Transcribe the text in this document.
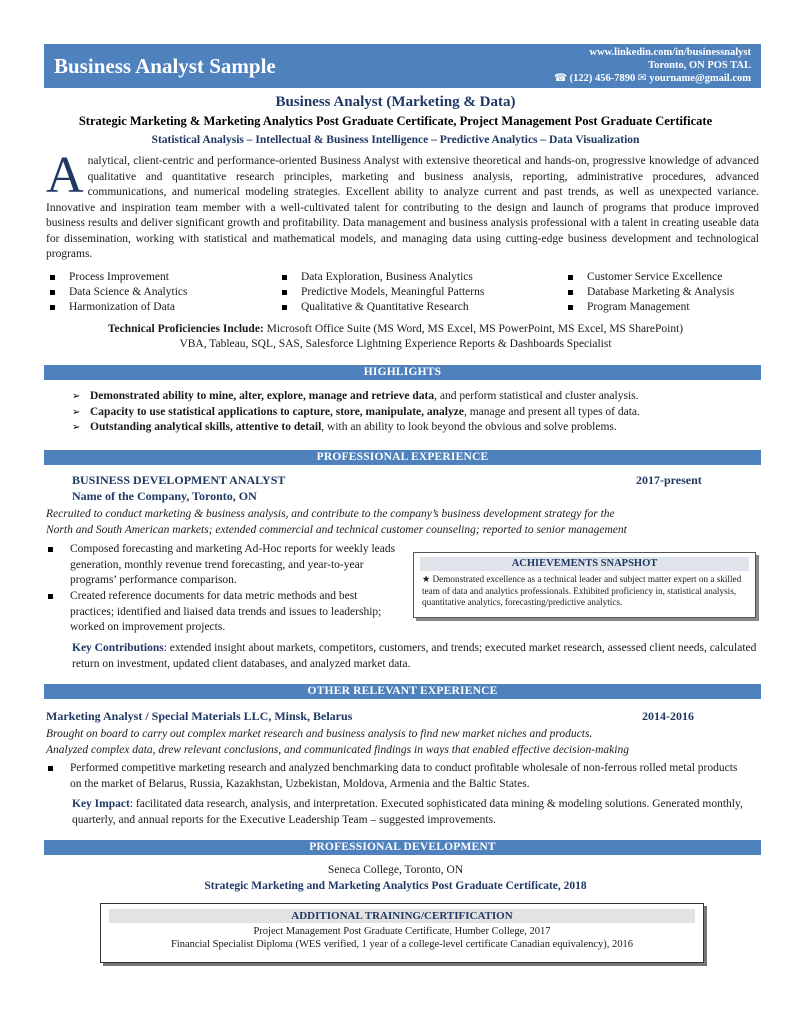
Business Analyst Sample
www.linkedin.com/in/businessnalyst
Toronto, ON POS TAL
☎ (122) 456-7890 ✉ yourname@gmail.com
Business Analyst (Marketing & Data)
Strategic Marketing & Marketing Analytics Post Graduate Certificate, Project Management Post Graduate Certificate
Statistical Analysis – Intellectual & Business Intelligence – Predictive Analytics – Data Visualization
A nalytical, client-centric and performance-oriented Business Analyst with extensive theoretical and hands-on, progressive knowledge of advanced qualitative and quantitative research principles, marketing and business analysis, reporting, administrative procedures, advanced communications, and numerical modeling strategies. Excellent ability to analyze current and past trends, as well as unexpected variance. Innovative and inspiration team member with a well-cultivated talent for contributing to the design and launch of programs that produce improved business results and deliver significant growth and profitability. Data management and business analysis professional with a talent in creating useable data for dissemination, working with statistical and mathematical models, and managing data using cutting-edge business development and technological programs.
Process Improvement
Data Science & Analytics
Harmonization of Data
Data Exploration, Business Analytics
Predictive Models, Meaningful Patterns
Qualitative & Quantitative Research
Customer Service Excellence
Database Marketing & Analysis
Program Management
Technical Proficiencies Include: Microsoft Office Suite (MS Word, MS Excel, MS PowerPoint, MS Excel, MS SharePoint)
VBA, Tableau, SQL, SAS, Salesforce Lightning Experience Reports & Dashboards Specialist
HIGHLIGHTS
➢ Demonstrated ability to mine, alter, explore, manage and retrieve data, and perform statistical and cluster analysis.
➢ Capacity to use statistical applications to capture, store, manipulate, analyze, manage and present all types of data.
➢ Outstanding analytical skills, attentive to detail, with an ability to look beyond the obvious and solve problems.
PROFESSIONAL EXPERIENCE
BUSINESS DEVELOPMENT ANALYST	2017-present
Name of the Company, Toronto, ON
Recruited to conduct marketing & business analysis, and contribute to the company’s business development strategy for the
North and South American markets; extended commercial and technical customer counseling; reported to senior management
Composed forecasting and marketing Ad-Hoc reports for weekly leads generation, monthly revenue trend forecasting, and year-to-year programs’ performance comparison.
Created reference documents for data metric methods and best practices; identified and liaised data trends and issues to leadership; worked on improvement projects.
ACHIEVEMENTS SNAPSHOT
★ Demonstrated excellence as a technical leader and subject matter expert on a skilled team of data and analytics professionals. Exhibited proficiency in, statistical analysis, quantitative analytics, forecasting/predictive analytics.
Key Contributions: extended insight about markets, competitors, customers, and trends; executed market research, assessed client needs, calculated return on investment, updated client databases, and analyzed market data.
OTHER RELEVANT EXPERIENCE
Marketing Analyst / Special Materials LLC, Minsk, Belarus	2014-2016
Brought on board to carry out complex market research and business analysis to find new market niches and products.
Analyzed complex data, drew relevant conclusions, and communicated findings in ways that enabled effective decision-making
Performed competitive marketing research and analyzed benchmarking data to conduct profitable wholesale of non-ferrous rolled metal products on the market of Belarus, Russia, Kazakhstan, Uzbekistan, Moldova, Armenia and the Baltic States.
Key Impact: facilitated data research, analysis, and interpretation. Executed sophisticated data mining & modeling solutions. Generated monthly, quarterly, and annual reports for the Executive Leadership Team – suggested improvements.
PROFESSIONAL DEVELOPMENT
Seneca College, Toronto, ON
Strategic Marketing and Marketing Analytics Post Graduate Certificate, 2018
ADDITIONAL TRAINING/CERTIFICATION
Project Management Post Graduate Certificate, Humber College, 2017
Financial Specialist Diploma (WES verified, 1 year of a college-level certificate Canadian equivalency), 2016
